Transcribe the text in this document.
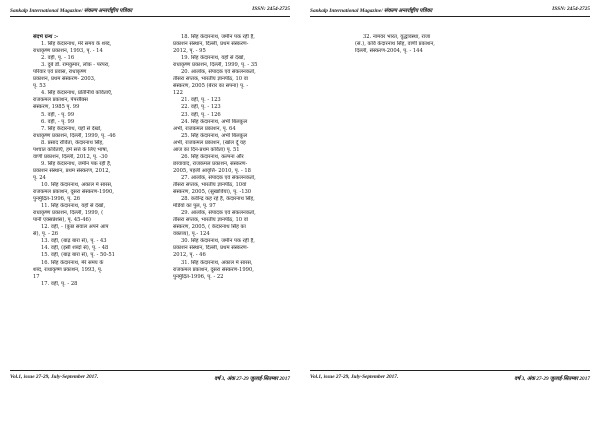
Sankalp International Magazine/ संकल्प अन्तर्राष्ट्रीय पत्रिका	ISSN: 2454-2725
संदर्भ ग्रन्थ :-
1. सिंह केदारनाथ, मेरे समय के शब्द,
राधाकृष्ण प्रकाशन, 1993, पृ. - 14
2. वही, पृ. - 16
3. दुबे डॉ. रामकुमार, लोक - परंपरा,
परिवार एवं प्रवास, राधाकृष्ण
प्रकाशन, प्रथम संस्करण- 2003,
पृ. 53
4. सिंह केदारनाथ, प्रतिनिधि कविताएँ,
राजकमल प्रकाशन, पेपरबैक्स
संस्करण, 1985 पृ. 99
5. वही, - पृ. 99
6. वही, - पृ. 99
7. सिंह केदारनाथ, यहाँ से देखो,
राधाकृष्ण प्रकाशन, दिल्ली, 1999, पृ. -46
8. प्रसाद रोविता, केदारनाथ सिंह,
पश्चात कविताएँ, हमें सत्ते के लिए भाषा,
वाणी प्रकाशन, दिल्ली, 2012, पृ. -30
9. सिंह केदारनाथ, जमीन पक रही है,
प्रकाशन संस्थान, प्रथम संस्करण, 2012,
पृ. 24
10. सिंह केदारनाथ, अकाल में सारस,
राजकमल प्रकाशन, दूसरा संस्करण-1990,
पुनर्मुद्रित-1996, पृ. 26
11. सिंह केदारनाथ, यहाँ से देखो,
राधाकृष्ण प्रकाशन, दिल्ली, 1999, (
पानी एक्सप्रेशंस), पृ. 45-46)
12. वही, - (कुछ सवाल अपने आप
से), पृ. - 26
13. वही, (बाढ़ बारा से), पृ. - 43
14. वही, (इसी शब्दों से), पृ. - 48
15. वही, (बाढ़ बारा से), पृ. - 50-51
16. सिंह केदारनाथ, मेरे समय के
शब्द, राधाकृष्ण प्रकाशन, 1993, पृ.
17
17. वही, पृ. - 28
18. सिंह केदारनाथ, जमीन पक रही है,
प्रकाशन संस्थान, दिल्ली, प्रथम संस्करण-
2012, पृ. - 95
19. सिंह केदारनाथ, यहाँ से देखो,
राधाकृष्ण प्रकाशन, दिल्ली, 1999, पृ. - 35
20. आलोक, संपादक एवं संकलनकर्ता,
तीसरा सप्तक, भारतीय ज्ञानपीठ, 10 वा
संस्करण, 2005 (बेरार का सपना) पृ. -
122
21. वही, पृ. - 123
22. वही, पृ. - 123
23. वही, पृ. - 126
24. सिंह केदारनाथ, अभी बिलकुल
अभी, राजकमल प्रकाशन, पृ. 64
25. सिंह केदारनाथ, अभी बिलकुल
अभी, राजकमल प्रकाशन, (खोल दूँ यह
आज का दिन-प्रथम कविता) पृ. 51
26. सिंह केदारनाथ, कल्पना और
छायावाद, राजकमल प्रकाशन, संस्करण-
2005, पहली आवृत्ति- 2010, पृ. - 18
27. आलोक, संपादक एवं संकलनकर्ता,
तीसरा सप्तक, भारतीय ज्ञानपीठ, 10वां
संस्करण, 2005, (सुखाविया), पृ. -130
28. कवीन्द्र कह रहे है, केदारनाथ सिंह,
मंडियों का पुल, पृ. 97
29. आलोक, संपादक एवं संकलनकर्ता,
तीसरा सप्तक, भारतीय ज्ञानपीठ, 10 वां
संस्करण, 2005, ( केदारनाथ सिंह का
वक्तव्य), पृ.- 124
30. सिंह केदारनाथ, जमीन पक रही है,
प्रकाशन संस्थान, दिल्ली, प्रथम संस्करण-
2012, पृ. - 46
31. सिंह केदारनाथ, अकाल में सारस,
राजकमल प्रकाशन, दूसरा संस्करण-1990,
पुनर्मुद्रित-1996, पृ. - 22
Vol.1, issue 27-29, July-September 2017.	वर्ष 3, अंक 27-29 जुलाई-सितम्बर 2017
Sankalp International Magazine/ संकल्प अन्तर्राष्ट्रीय पत्रिका	ISSN: 2454-2725
32. नामवर भारत, युद्धावस्था, राजा
(सं.), कवि केदारनाथ सिंह, वाणी प्रकाशन,
दिल्ली, संस्करण-2004, पृ. - 144
Vol.1, issue 27-29, July-September 2017.	वर्ष 3, अंक 27-29 जुलाई-सितम्बर 2017
